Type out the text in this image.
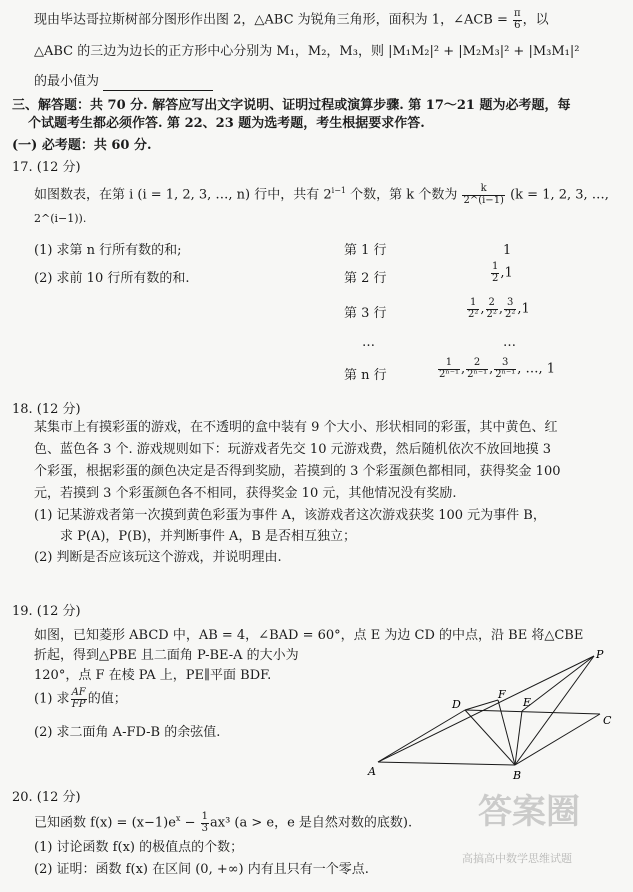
现由毕达哥拉斯树部分图形作出图 2，△ABC 为锐角三角形，面积为 1，∠ACB = $\frac{\pi}{6}$ ，以
△ABC 的三边为边长的正方形中心分别为 M₁，M₂，M₃，则 |M₁M₂|² + |M₂M₃|² + |M₃M₁|²
的最小值为
三、解答题：共 70 分. 解答应写出文字说明、证明过程或演算步骤. 第 17～21 题为必考题，每
个试题考生都必须作答. 第 22、23 题为选考题，考生根据要求作答.
(一) 必考题：共 60 分.
17. (12 分)
如图数表，在第 i (i = 1, 2, 3, …, n) 行中，共有 $2^{i-1}$ 个数，第 k 个数为 $\frac{k}{2\^{}(i-1)} (k = 1$, 2, 3, …,
2^(i−1)).
(1) 求第 n 行所有数的和;
(2) 求前 10 行所有数的和.
第 1 行	1
第 2 行	$\frac{1}{2} ,1$
第 3 行	$\frac{1}{\text{2²}}$ , $\frac{2}{\text{2²}}$ , $\frac{3}{\text{2²}} ,1$
…	…
第 n 行	$\frac{1}{\text{2ⁿ⁻¹}}$ , $\frac{2}{\text{2ⁿ⁻¹}}$ , $\frac{3}{\text{2ⁿ⁻¹}}$ , …, 1
18. (12 分)
某集市上有摸彩蛋的游戏，在不透明的盒中装有 9 个大小、形状相同的彩蛋，其中黄色、红
色、蓝色各 3 个. 游戏规则如下：玩游戏者先交 10 元游戏费，然后随机依次不放回地摸 3
个彩蛋，根据彩蛋的颜色决定是否得到奖励，若摸到的 3 个彩蛋颜色都相同，获得奖金 100
元，若摸到 3 个彩蛋颜色各不相同，获得奖金 10 元，其他情况没有奖励.
(1) 记某游戏者第一次摸到黄色彩蛋为事件 A，该游戏者这次游戏获奖 100 元为事件 B，
求 P(A)，P(B)，并判断事件 A，B 是否相互独立；
(2) 判断是否应该玩这个游戏，并说明理由.
19. (12 分)
如图，已知菱形 ABCD 中，AB = 4，∠BAD = 60°，点 E 为边 CD 的中点，沿 BE 将△CBE
折起，得到△PBE 且二面角 P-BE-A 的大小为
120°，点 F 在棱 PA 上，PE∥平面 BDF.
(1) 求 $\frac{AF}{FP}$ 的值；
(2) 求二面角 A-FD-B 的余弦值.
P
D
F
E
C
A	B
20. (12 分)
已知函数 $f(x) = (x-1)e^x - \frac{1}{3} ax^3$ (a > e，e 是自然对数的底数).
(1) 讨论函数 f(x) 的极值点的个数；
(2) 证明：函数 f(x) 在区间 (0, +∞) 内有且只有一个零点.
答案圈
高搞高中数学思维试题
